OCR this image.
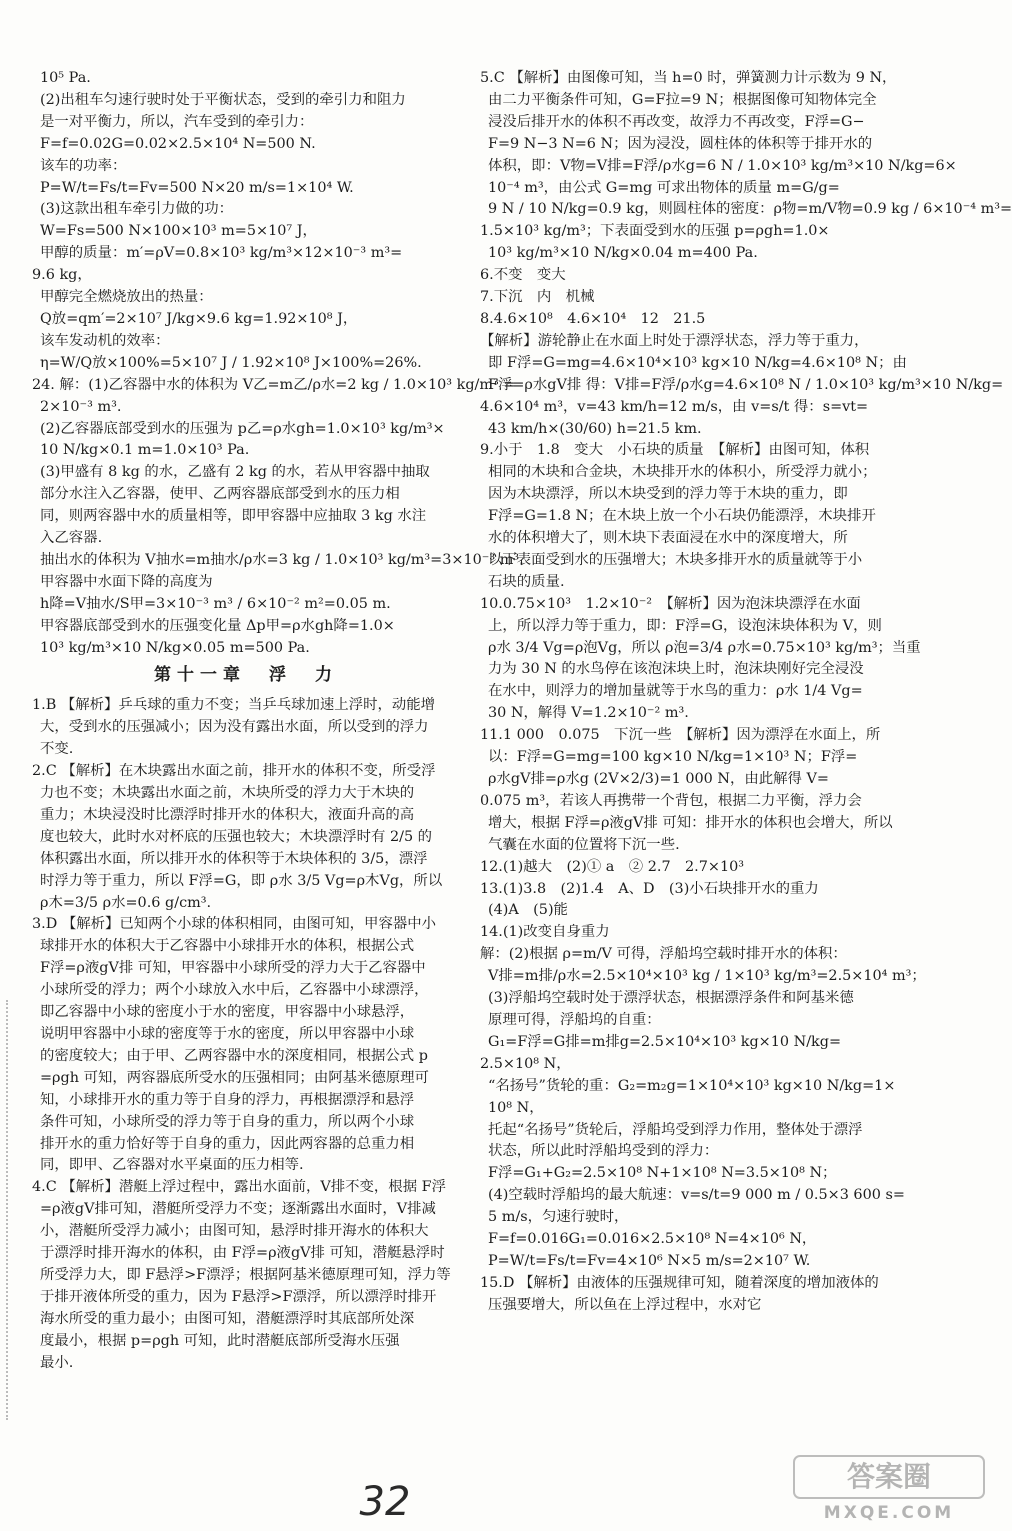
10⁵ Pa.
(2)出租车匀速行驶时处于平衡状态，受到的牵引力和阻力
是一对平衡力，所以，汽车受到的牵引力：
F=f=0.02G=0.02×2.5×10⁴ N=500 N.
该车的功率：
P=W/t=Fs/t=Fv=500 N×20 m/s=1×10⁴ W.
(3)这款出租车牵引力做的功：
W=Fs=500 N×100×10³ m=5×10⁷ J，
甲醇的质量：m′=ρV=0.8×10³ kg/m³×12×10⁻³ m³=
9.6 kg，
甲醇完全燃烧放出的热量：
Q放=qm′=2×10⁷ J/kg×9.6 kg=1.92×10⁸ J，
该车发动机的效率：
η=W/Q放×100%=5×10⁷ J / 1.92×10⁸ J×100%=26%.
24. 解：(1)乙容器中水的体积为 V乙=m乙/ρ水=2 kg / 1.0×10³ kg/m³ =
2×10⁻³ m³.
(2)乙容器底部受到水的压强为 p乙=ρ水gh=1.0×10³ kg/m³×
10 N/kg×0.1 m=1.0×10³ Pa.
(3)甲盛有 8 kg 的水，乙盛有 2 kg 的水，若从甲容器中抽取
部分水注入乙容器，使甲、乙两容器底部受到水的压力相
同，则两容器中水的质量相等，即甲容器中应抽取 3 kg 水注
入乙容器.
抽出水的体积为 V抽水=m抽水/ρ水=3 kg / 1.0×10³ kg/m³=3×10⁻³ m³.
甲容器中水面下降的高度为
h降=V抽水/S甲=3×10⁻³ m³ / 6×10⁻² m²=0.05 m.
甲容器底部受到水的压强变化量 Δp甲=ρ水gh降=1.0×
10³ kg/m³×10 N/kg×0.05 m=500 Pa.
第十一章　浮　力
1.B 【解析】乒乓球的重力不变；当乒乓球加速上浮时，动能增
大，受到水的压强减小；因为没有露出水面，所以受到的浮力
不变.
2.C 【解析】在木块露出水面之前，排开水的体积不变，所受浮
力也不变；木块露出水面之前，木块所受的浮力大于木块的
重力；木块浸没时比漂浮时排开水的体积大，液面升高的高
度也较大，此时水对杯底的压强也较大；木块漂浮时有 2/5 的
体积露出水面，所以排开水的体积等于木块体积的 3/5，漂浮
时浮力等于重力，所以 F浮=G，即 ρ水 3/5 Vg=ρ木Vg，所以
ρ木=3/5 ρ水=0.6 g/cm³.
3.D 【解析】已知两个小球的体积相同，由图可知，甲容器中小
球排开水的体积大于乙容器中小球排开水的体积，根据公式
F浮=ρ液gV排 可知，甲容器中小球所受的浮力大于乙容器中
小球所受的浮力；两个小球放入水中后，乙容器中小球漂浮，
即乙容器中小球的密度小于水的密度，甲容器中小球悬浮，
说明甲容器中小球的密度等于水的密度，所以甲容器中小球
的密度较大；由于甲、乙两容器中水的深度相同，根据公式 p
=ρgh 可知，两容器底所受水的压强相同；由阿基米德原理可
知，小球排开水的重力等于自身的浮力，再根据漂浮和悬浮
条件可知，小球所受的浮力等于自身的重力，所以两个小球
排开水的重力恰好等于自身的重力，因此两容器的总重力相
同，即甲、乙容器对水平桌面的压力相等.
4.C 【解析】潜艇上浮过程中，露出水面前，V排不变，根据 F浮
=ρ液gV排可知，潜艇所受浮力不变；逐渐露出水面时，V排减
小，潜艇所受浮力减小；由图可知，悬浮时排开海水的体积大
于漂浮时排开海水的体积，由 F浮=ρ液gV排 可知，潜艇悬浮时
所受浮力大，即 F悬浮>F漂浮；根据阿基米德原理可知，浮力等
于排开液体所受的重力，因为 F悬浮>F漂浮，所以漂浮时排开
海水所受的重力最小；由图可知，潜艇漂浮时其底部所处深
度最小，根据 p=ρgh 可知，此时潜艇底部所受海水压强
最小.
5.C 【解析】由图像可知，当 h=0 时，弹簧测力计示数为 9 N，
由二力平衡条件可知，G=F拉=9 N；根据图像可知物体完全
浸没后排开水的体积不再改变，故浮力不再改变，F浮=G−
F=9 N−3 N=6 N；因为浸没，圆柱体的体积等于排开水的
体积，即：V物=V排=F浮/ρ水g=6 N / 1.0×10³ kg/m³×10 N/kg=6×
10⁻⁴ m³，由公式 G=mg 可求出物体的质量 m=G/g=
9 N / 10 N/kg=0.9 kg，则圆柱体的密度：ρ物=m/V物=0.9 kg / 6×10⁻⁴ m³=
1.5×10³ kg/m³；下表面受到水的压强 p=ρgh=1.0×
10³ kg/m³×10 N/kg×0.04 m=400 Pa.
6.不变　变大
7.下沉　内　机械
8.4.6×10⁸　4.6×10⁴　12　21.5
【解析】游轮静止在水面上时处于漂浮状态，浮力等于重力，
即 F浮=G=mg=4.6×10⁴×10³ kg×10 N/kg=4.6×10⁸ N；由
F浮=ρ水gV排 得：V排=F浮/ρ水g=4.6×10⁸ N / 1.0×10³ kg/m³×10 N/kg=
4.6×10⁴ m³，v=43 km/h=12 m/s，由 v=s/t 得：s=vt=
43 km/h×(30/60) h=21.5 km.
9.小于　1.8　变大　小石块的质量　【解析】由图可知，体积
相同的木块和合金块，木块排开水的体积小，所受浮力就小；
因为木块漂浮，所以木块受到的浮力等于木块的重力，即
F浮=G=1.8 N；在木块上放一个小石块仍能漂浮，木块排开
水的体积增大了，则木块下表面浸在水中的深度增大，所
以下表面受到水的压强增大；木块多排开水的质量就等于小
石块的质量.
10.0.75×10³　1.2×10⁻²　【解析】因为泡沫块漂浮在水面
上，所以浮力等于重力，即：F浮=G，设泡沫块体积为 V，则
ρ水 3/4 Vg=ρ泡Vg，所以 ρ泡=3/4 ρ水=0.75×10³ kg/m³；当重
力为 30 N 的水鸟停在该泡沫块上时，泡沫块刚好完全浸没
在水中，则浮力的增加量就等于水鸟的重力：ρ水 1/4 Vg=
30 N，解得 V=1.2×10⁻² m³.
11.1 000　0.075　下沉一些　【解析】因为漂浮在水面上，所
以：F浮=G=mg=100 kg×10 N/kg=1×10³ N；F浮=
ρ水gV排=ρ水g (2V×2/3)=1 000 N，由此解得 V=
0.075 m³，若该人再携带一个背包，根据二力平衡，浮力会
增大，根据 F浮=ρ液gV排 可知：排开水的体积也会增大，所以
气囊在水面的位置将下沉一些.
12.(1)越大　(2)① a　② 2.7　2.7×10³
13.(1)3.8　(2)1.4　A、D　(3)小石块排开水的重力
(4)A　(5)能
14.(1)改变自身重力
解：(2)根据 ρ=m/V 可得，浮船坞空载时排开水的体积：
V排=m排/ρ水=2.5×10⁴×10³ kg / 1×10³ kg/m³=2.5×10⁴ m³；
(3)浮船坞空载时处于漂浮状态，根据漂浮条件和阿基米德
原理可得，浮船坞的自重：
G₁=F浮=G排=m排g=2.5×10⁴×10³ kg×10 N/kg=
2.5×10⁸ N，
“名扬号”货轮的重：G₂=m₂g=1×10⁴×10³ kg×10 N/kg=1×
10⁸ N，
托起“名扬号”货轮后，浮船坞受到浮力作用，整体处于漂浮
状态，所以此时浮船坞受到的浮力：
F浮=G₁+G₂=2.5×10⁸ N+1×10⁸ N=3.5×10⁸ N；
(4)空载时浮船坞的最大航速：v=s/t=9 000 m / 0.5×3 600 s=
5 m/s，匀速行驶时，
F=f=0.016G₁=0.016×2.5×10⁸ N=4×10⁶ N，
P=W/t=Fs/t=Fv=4×10⁶ N×5 m/s=2×10⁷ W.
15.D 【解析】由液体的压强规律可知，随着深度的增加液体的
压强要增大，所以鱼在上浮过程中，水对它
32
答案圈
MXQE.COM
